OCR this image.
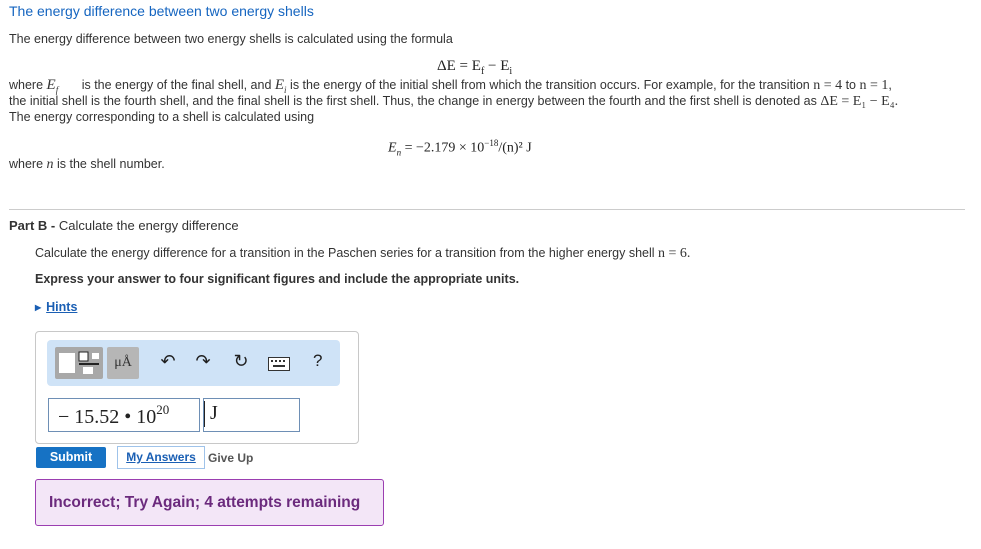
The energy difference between two energy shells
The energy difference between two energy shells is calculated using the formula
$\Delta E = E_f - E_i$
where $E_f$ is the energy of the final shell, and $E_i$ is the energy of the initial shell from which the transition occurs. For example, for the transition n = 4 to n = 1,
the initial shell is the fourth shell, and the final shell is the first shell. Thus, the change in energy between the fourth and the first shell is denoted as ΔE = E₁ − E₄.
The energy corresponding to a shell is calculated using
$E_n = -2.179 \times 10^{-18}/(n)^2$ J
where n is the shell number.
Part B - Calculate the energy difference
Calculate the energy difference for a transition in the Paschen series for a transition from the higher energy shell n = 6.
Express your answer to four significant figures and include the appropriate units.
▶ Hints
μÅ	↶ ↷ ↻	?
− 15.52 • $10^{20}$ J
Submit	My Answers	Give Up
Incorrect; Try Again; 4 attempts remaining
